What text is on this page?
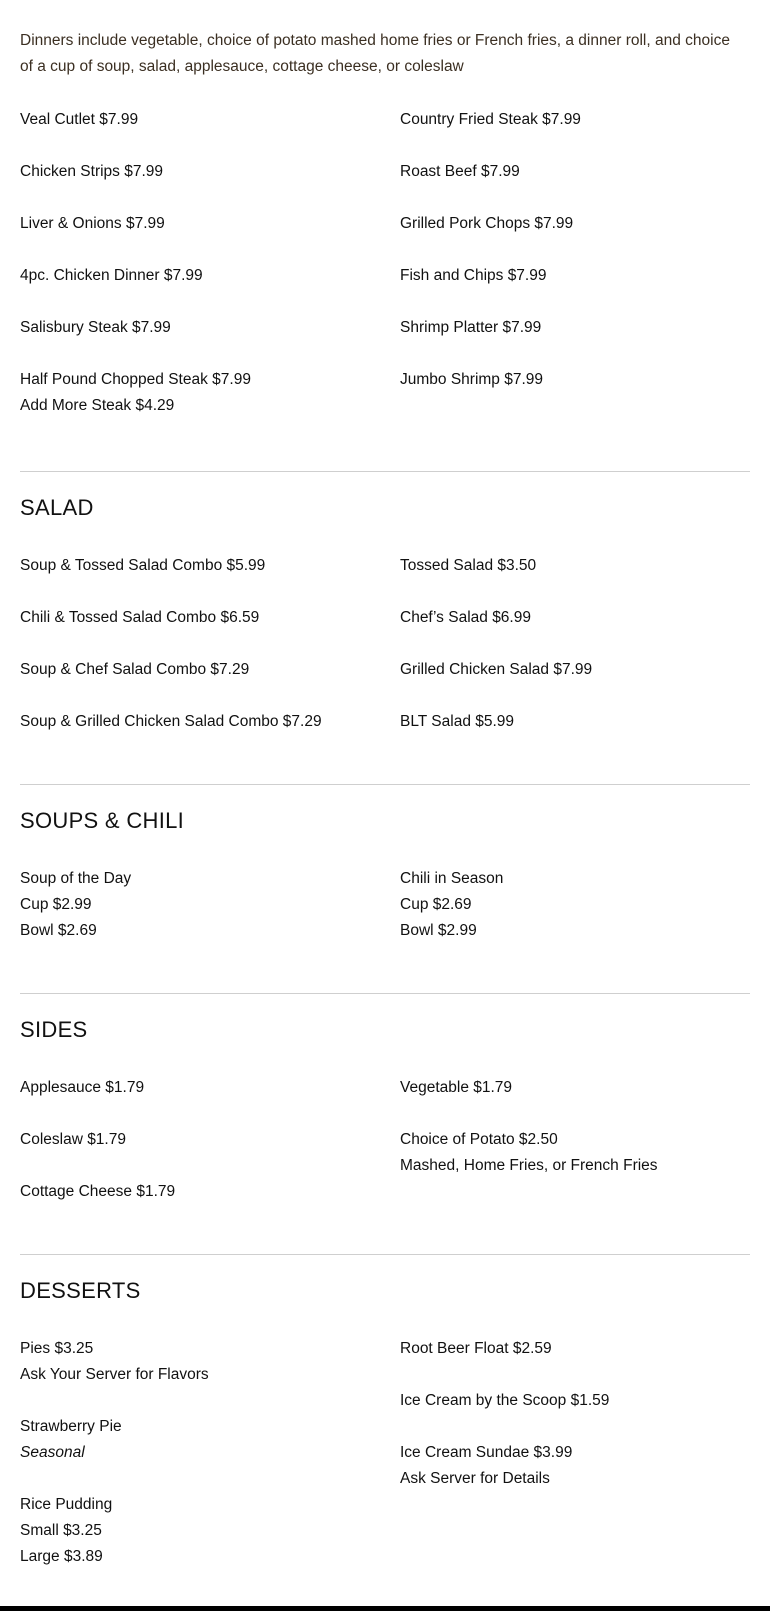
Dinners include vegetable, choice of potato mashed home fries or French fries, a dinner roll, and choice of a cup of soup, salad, applesauce, cottage cheese, or coleslaw

Veal Cutlet $7.99
Chicken Strips $7.99
Liver & Onions $7.99
4pc. Chicken Dinner $7.99
Salisbury Steak $7.99
Half Pound Chopped Steak $7.99
Add More Steak $4.29
Country Fried Steak $7.99
Roast Beef $7.99
Grilled Pork Chops $7.99
Fish and Chips $7.99
Shrimp Platter $7.99
Jumbo Shrimp $7.99
SALAD
Soup & Tossed Salad Combo $5.99
Chili & Tossed Salad Combo $6.59
Soup & Chef Salad Combo $7.29
Soup & Grilled Chicken Salad Combo $7.29
Tossed Salad $3.50
Chef’s Salad $6.99
Grilled Chicken Salad $7.99
BLT Salad $5.99
SOUPS & CHILI
Soup of the Day
Cup $2.99
Bowl $2.69
Chili in Season
Cup $2.69
Bowl $2.99
SIDES
Applesauce $1.79
Coleslaw $1.79
Cottage Cheese $1.79
Vegetable $1.79
Choice of Potato $2.50
Mashed, Home Fries, or French Fries
DESSERTS
Pies $3.25
Ask Your Server for Flavors
Strawberry Pie
Seasonal
Rice Pudding
Small $3.25
Large $3.89
Root Beer Float $2.59
Ice Cream by the Scoop $1.59
Ice Cream Sundae $3.99
Ask Server for Details
